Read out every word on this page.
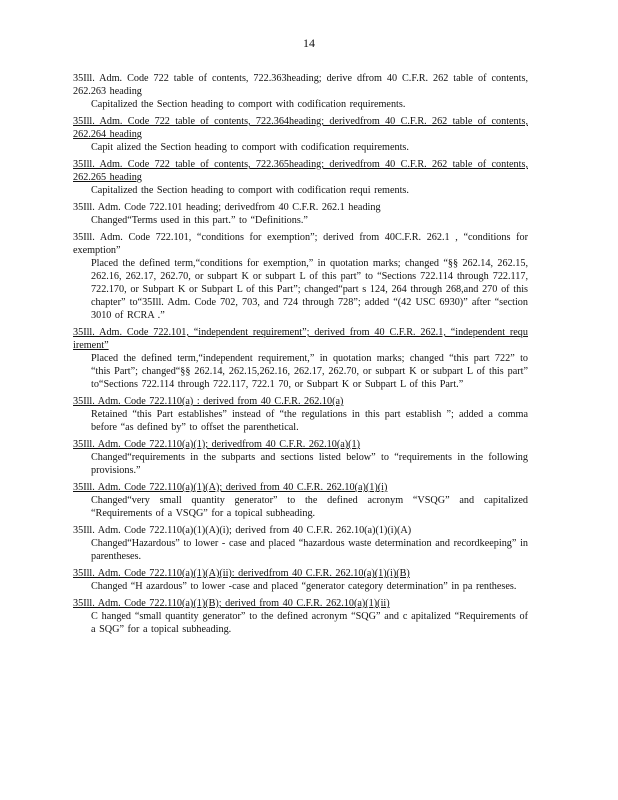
14
35Ill. Adm. Code 722 table of contents, 722.363heading; derive dfrom 40 C.F.R. 262 table of contents, 262.263 heading
Capitalized the Section heading to comport with codification requirements.
35Ill. Adm. Code 722 table of contents, 722.364heading; derivedfrom 40 C.F.R. 262 table of contents, 262.264 heading
Capit alized the Section heading to comport with codification requirements.
35Ill. Adm. Code 722 table of contents, 722.365heading; derivedfrom 40 C.F.R. 262 table of contents, 262.265 heading
Capitalized the Section heading to comport with codification requi rements.
35Ill. Adm. Code 722.101 heading; derivedfrom 40 C.F.R. 262.1 heading
Changed“Terms used in this part.” to “Definitions.”
35Ill. Adm. Code 722.101, “conditions for exemption”; derived from 40C.F.R. 262.1 , “conditions for exemption”
Placed the defined term,“conditions for exemption,” in quotation marks; changed “§§ 262.14, 262.15, 262.16, 262.17, 262.70, or subpart K or subpart L of this part” to “Sections 722.114 through 722.117, 722.170, or Subpart K or Subpart L of this Part”; changed“part s 124, 264 through 268,and 270 of this chapter” to“35Ill. Adm. Code 702, 703, and 724 through 728”; added “(42 USC 6930)” after “section 3010 of RCRA .”
35Ill. Adm. Code 722.101, “independent requirement”; derived from 40 C.F.R. 262.1, “independent requ irement”
Placed the defined term,“independent requirement,” in quotation marks; changed “this part 722” to “this Part”; changed“§§ 262.14, 262.15,262.16, 262.17, 262.70, or subpart K or subpart L of this part” to“Sections 722.114 through 722.117, 722.1 70, or Subpart K or Subpart L of this Part.”
35Ill. Adm. Code 722.110(a) : derived from 40 C.F.R. 262.10(a)
Retained “this Part establishes” instead of “the regulations in this part establish ”; added a comma before “as defined by” to offset the parenthetical.
35Ill. Adm. Code 722.110(a)(1); derivedfrom 40 C.F.R. 262.10(a)(1)
Changed“requirements in the subparts and sections listed below” to “requirements in the following provisions.”
35Ill. Adm. Code 722.110(a)(1)(A); derived from 40 C.F.R. 262.10(a)(1)(i)
Changed“very small quantity generator” to the defined acronym “VSQG” and capitalized “Requirements of a VSQG” for a topical subheading.
35Ill. Adm. Code 722.110(a)(1)(A)(i); derived from 40 C.F.R. 262.10(a)(1)(i)(A)
Changed“Hazardous” to lower - case and placed “hazardous waste determination and recordkeeping” in parentheses.
35Ill. Adm. Code 722.110(a)(1)(A)(ii): derivedfrom 40 C.F.R. 262.10(a)(1)(i)(B)
Changed “H azardous” to lower -case and placed “generator category determination” in pa rentheses.
35Ill. Adm. Code 722.110(a)(1)(B); derived from 40 C.F.R. 262.10(a)(1)(ii)
C hanged “small quantity generator” to the defined acronym “SQG” and c apitalized “Requirements of a SQG” for a topical subheading.
